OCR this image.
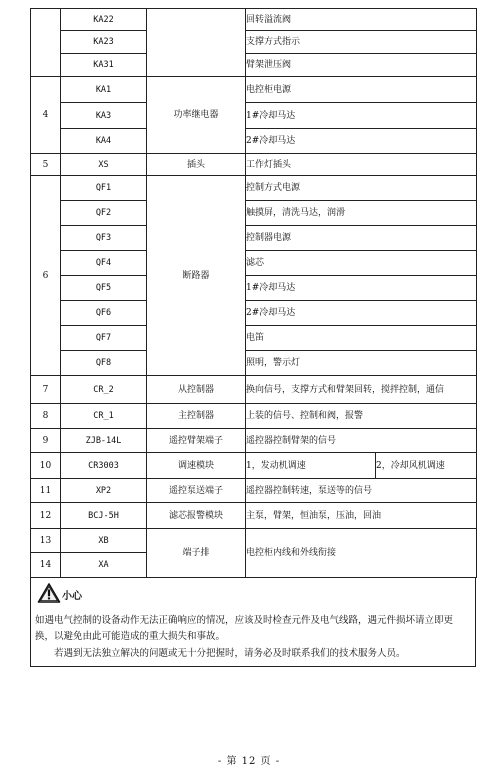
	KA22		回转溢流阀	
	KA23		支撑方式指示	
	KA31		臂架泄压阀	
4	KA1	功率继电器	电控柜电源	
	KA3		1#冷却马达	
	KA4		2#冷却马达	
5	XS	插头	工作灯插头	
6	QF1	断路器	控制方式电源	
	QF2		触摸屏，清洗马达，润滑	
	QF3		控制器电源	
	QF4		滤芯	
	QF5		1#冷却马达	
	QF6		2#冷却马达	
	QF7		电笛	
	QF8		照明，警示灯	
7	CR_2	从控制器	换向信号，支撑方式和臂架回转，搅拌控制，通信	
8	CR_1	主控制器	上装的信号、控制和阀，报警	
9	ZJB-14L	遥控臂架端子	遥控器控制臂架的信号	
10	CR3003	调速模块	1，发动机调速	2，冷却风机调速
11	XP2	遥控泵送端子	遥控器控制转速，泵送等的信号	
12	BCJ-5H	滤芯报警模块	主泵，臂架，恒油泵，压油，回油	
13	XB	端子排	电控柜内线和外线衔接	
14	XA			
小心
如遇电气控制的设备动作无法正确响应的情况，应该及时检查元件及电气线路，遇元件损坏请立即更换，以避免由此可能造成的重大损失和事故。
若遇到无法独立解决的问题或无十分把握时，请务必及时联系我们的技术服务人员。
- 第 12 页 -
